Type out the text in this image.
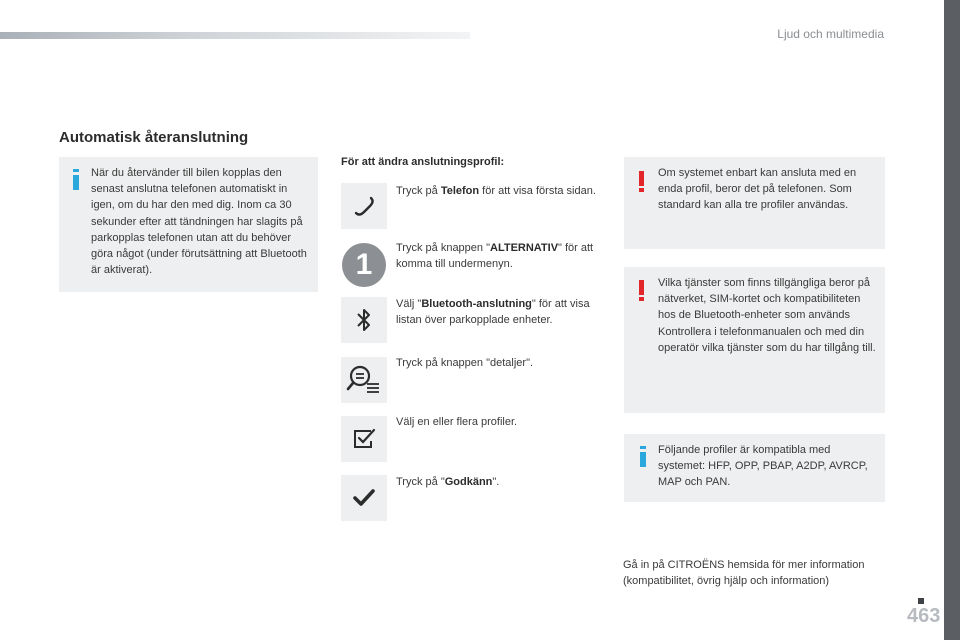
Ljud och multimedia
Automatisk återanslutning
När du återvänder till bilen kopplas den senast anslutna telefonen automatiskt in igen, om du har den med dig. Inom ca 30 sekunder efter att tändningen har slagits på parkopplas telefonen utan att du behöver göra något (under förutsättning att Bluetooth är aktiverat).
För att ändra anslutningsprofil:
1
Tryck på Telefon för att visa första sidan.
Tryck på knappen "ALTERNATIV" för att komma till undermenyn.
Välj "Bluetooth-anslutning" för att visa listan över parkopplade enheter.
Tryck på knappen "detaljer".
Välj en eller flera profiler.
Tryck på "Godkänn".
Om systemet enbart kan ansluta med en enda profil, beror det på telefonen. Som standard kan alla tre profiler användas.
Vilka tjänster som finns tillgängliga beror på nätverket, SIM-kortet och kompatibiliteten hos de Bluetooth-enheter som används Kontrollera i telefonmanualen och med din operatör vilka tjänster som du har tillgång till.
Följande profiler är kompatibla med systemet: HFP, OPP, PBAP, A2DP, AVRCP, MAP och PAN.
Gå in på CITROËNS hemsida för mer information (kompatibilitet, övrig hjälp och information)
463
